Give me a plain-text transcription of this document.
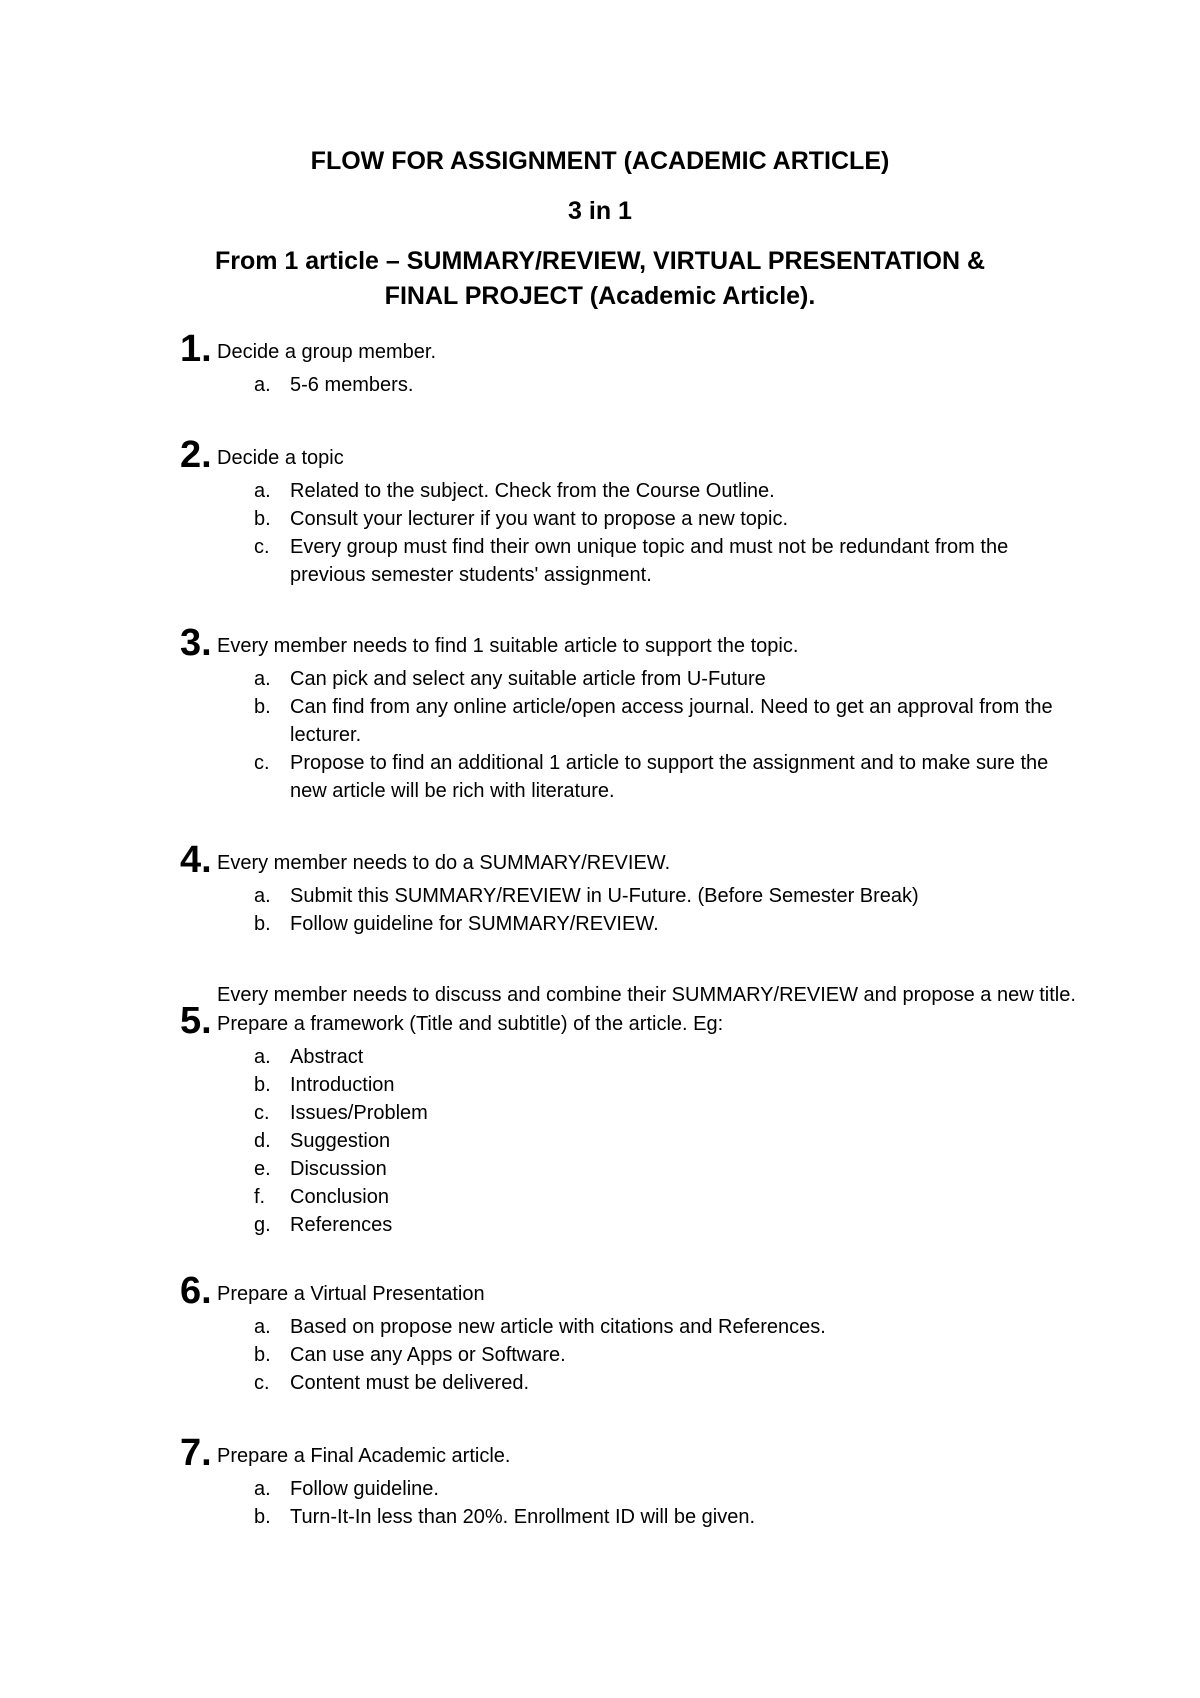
FLOW FOR ASSIGNMENT (ACADEMIC ARTICLE)

3 in 1

From 1 article – SUMMARY/REVIEW, VIRTUAL PRESENTATION &
FINAL PROJECT (Academic Article).

1. Decide a group member.
a. 5-6 members.
2. Decide a topic
a. Related to the subject. Check from the Course Outline.
b. Consult your lecturer if you want to propose a new topic.
c. Every group must find their own unique topic and must not be redundant from the previous semester students' assignment.
3. Every member needs to find 1 suitable article to support the topic.
a. Can pick and select any suitable article from U-Future
b. Can find from any online article/open access journal. Need to get an approval from the lecturer.
c. Propose to find an additional 1 article to support the assignment and to make sure the new article will be rich with literature.
4. Every member needs to do a SUMMARY/REVIEW.
a. Submit this SUMMARY/REVIEW in U-Future. (Before Semester Break)
b. Follow guideline for SUMMARY/REVIEW.
5.
Every member needs to discuss and combine their SUMMARY/REVIEW and propose a new title. Prepare a framework (Title and subtitle) of the article. Eg:
a. Abstract
b. Introduction
c. Issues/Problem
d. Suggestion
e. Discussion
f. Conclusion
g. References
6. Prepare a Virtual Presentation
a. Based on propose new article with citations and References.
b. Can use any Apps or Software.
c. Content must be delivered.
7. Prepare a Final Academic article.
a. Follow guideline.
b. Turn-It-In less than 20%. Enrollment ID will be given.
